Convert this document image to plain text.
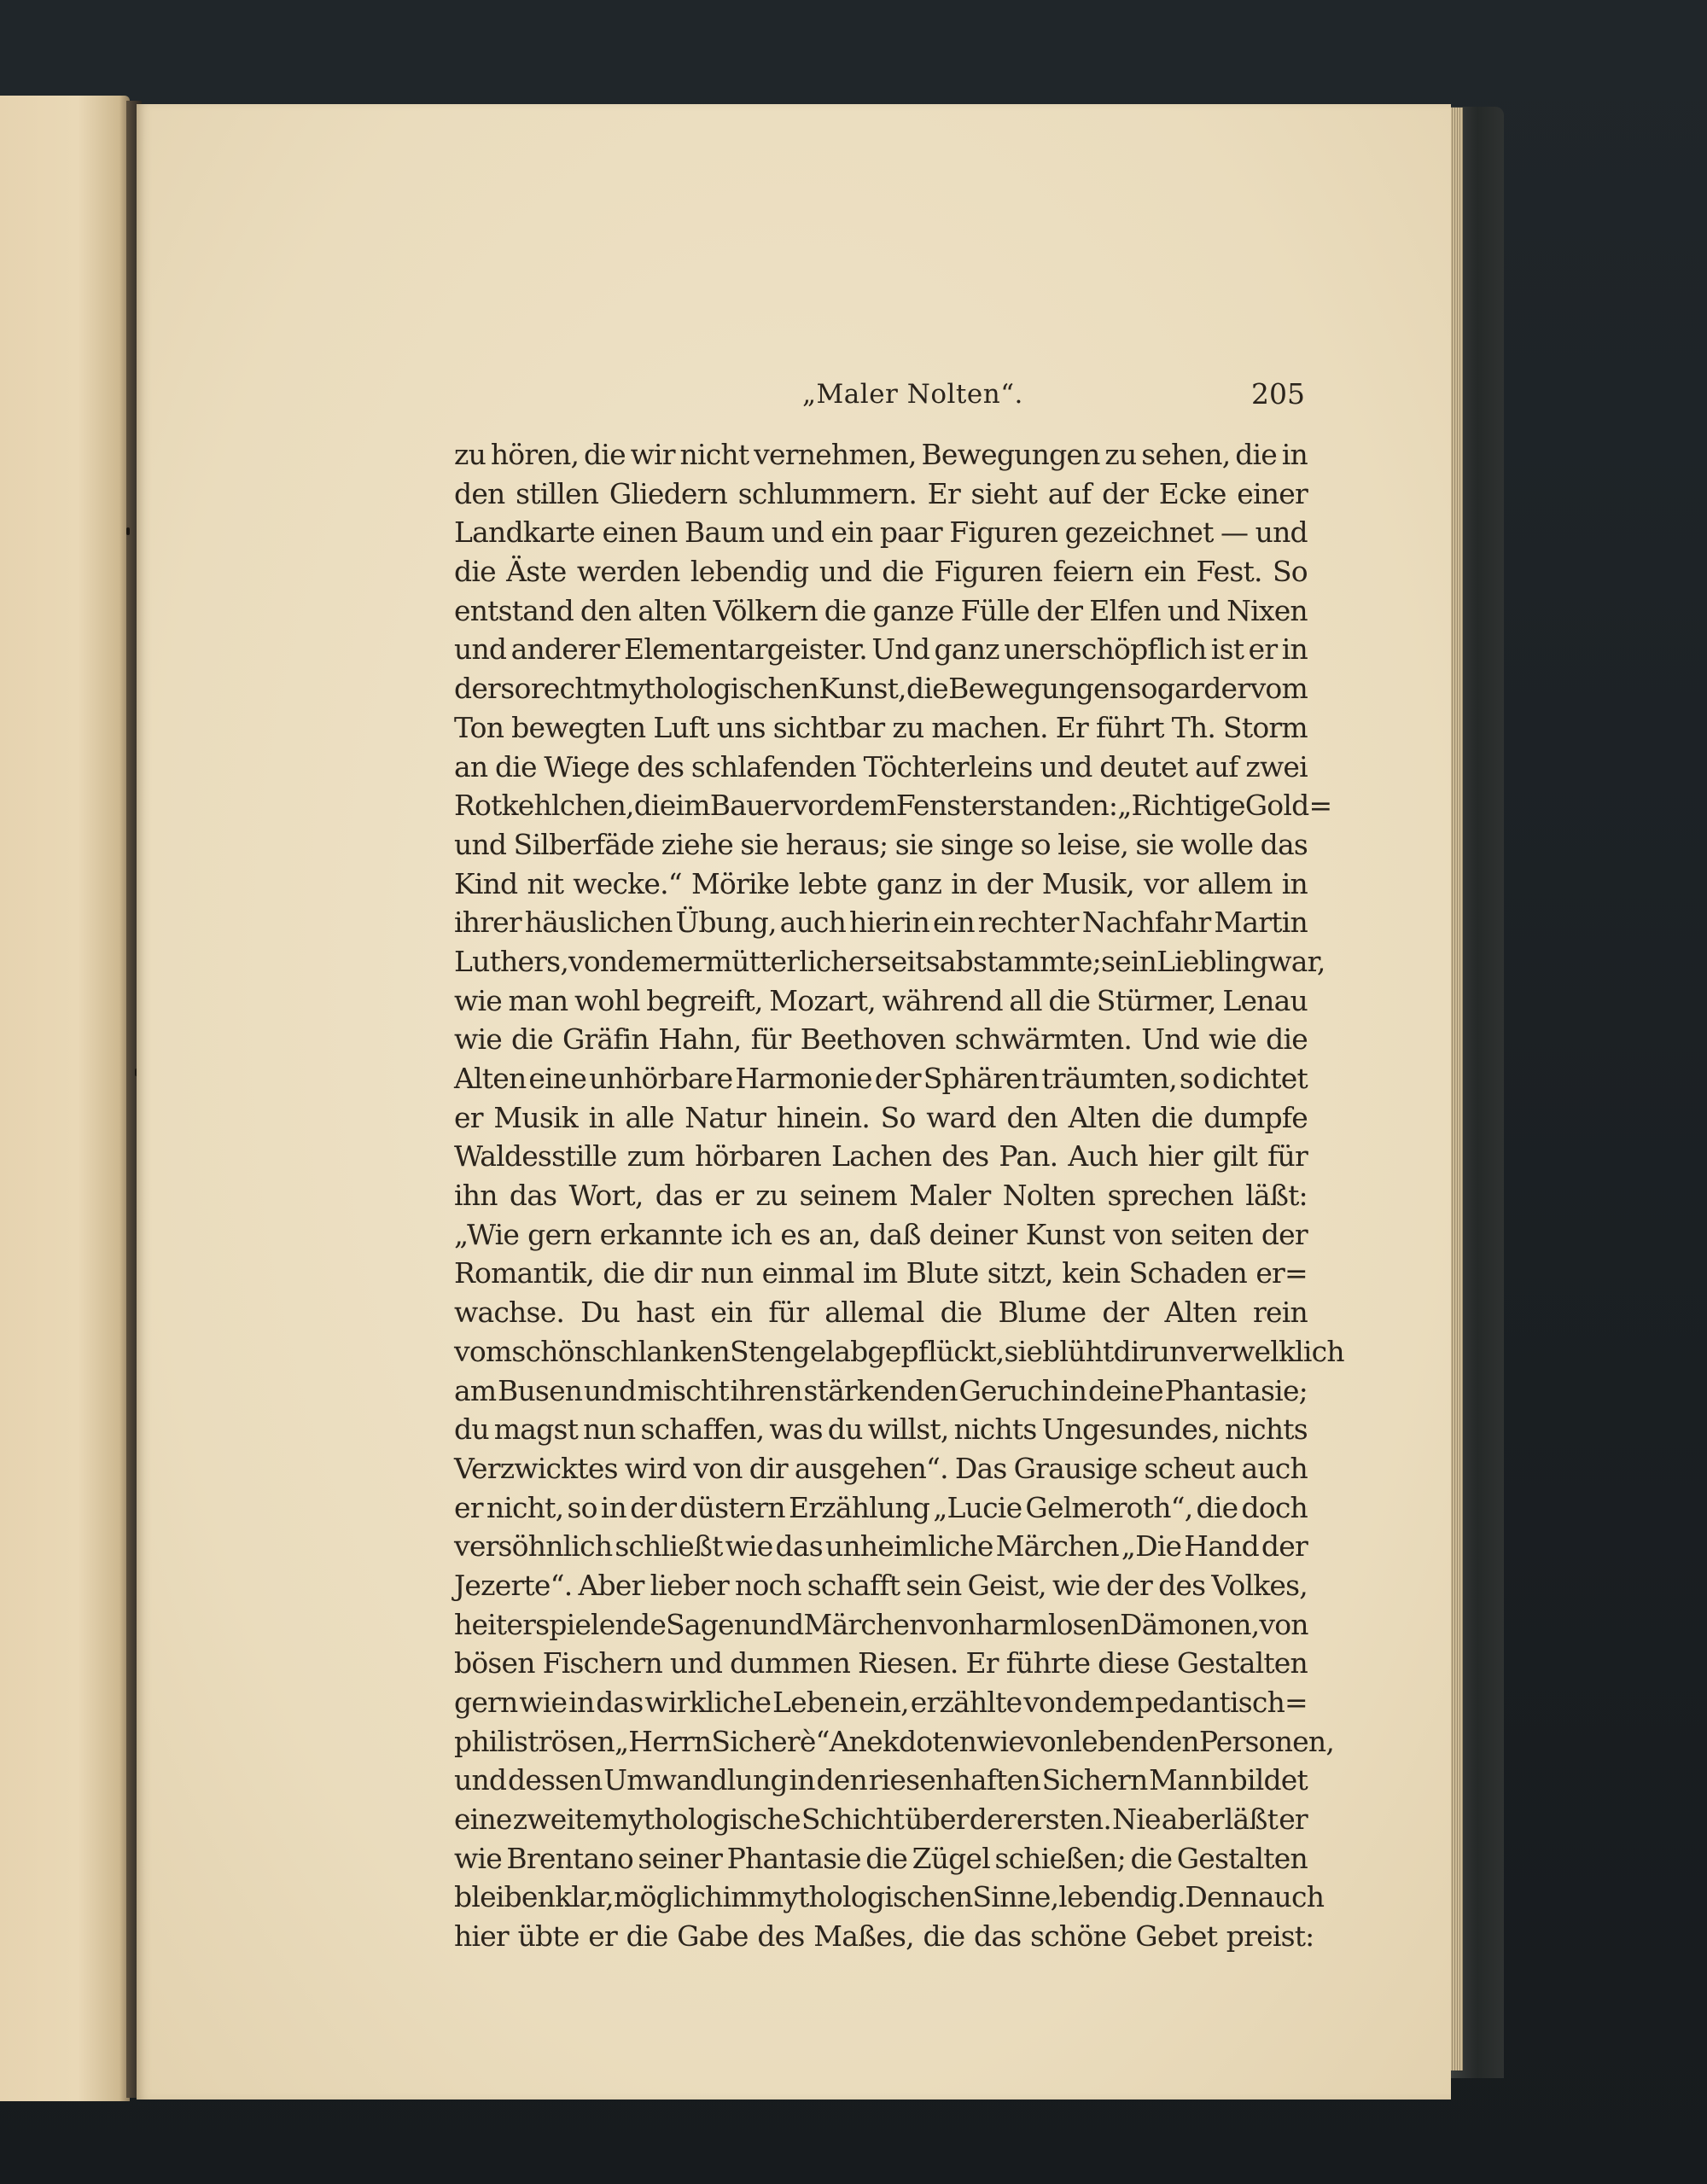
„Maler Nolten“.	205
zu hören, die wir nicht vernehmen, Bewegungen zu sehen, die in
den stillen Gliedern schlummern. Er sieht auf der Ecke einer
Landkarte einen Baum und ein paar Figuren gezeichnet — und
die Äste werden lebendig und die Figuren feiern ein Fest. So
entstand den alten Völkern die ganze Fülle der Elfen und Nixen
und anderer Elementargeister. Und ganz unerschöpflich ist er in
der so recht mythologischen Kunst, die Bewegungen sogar der vom
Ton bewegten Luft uns sichtbar zu machen. Er führt Th. Storm
an die Wiege des schlafenden Töchterleins und deutet auf zwei
Rotkehlchen, die im Bauer vor dem Fenster standen: „Richtige Gold=
und Silberfäde ziehe sie heraus; sie singe so leise, sie wolle das
Kind nit wecke.“ Mörike lebte ganz in der Musik, vor allem in
ihrer häuslichen Übung, auch hierin ein rechter Nachfahr Martin
Luthers, von dem er mütterlicherseits abstammte; sein Liebling war,
wie man wohl begreift, Mozart, während all die Stürmer, Lenau
wie die Gräfin Hahn, für Beethoven schwärmten. Und wie die
Alten eine unhörbare Harmonie der Sphären träumten, so dichtet
er Musik in alle Natur hinein. So ward den Alten die dumpfe
Waldesstille zum hörbaren Lachen des Pan. Auch hier gilt für
ihn das Wort, das er zu seinem Maler Nolten sprechen läßt:
„Wie gern erkannte ich es an, daß deiner Kunst von seiten der
Romantik, die dir nun einmal im Blute sitzt, kein Schaden er=
wachse. Du hast ein für allemal die Blume der Alten rein
vom schönschlanken Stengel abgepflückt, sie blüht dir unverwelklich
am Busen und mischt ihren stärkenden Geruch in deine Phantasie;
du magst nun schaffen, was du willst, nichts Ungesundes, nichts
Verzwicktes wird von dir ausgehen“. Das Grausige scheut auch
er nicht, so in der düstern Erzählung „Lucie Gelmeroth“, die doch
versöhnlich schließt wie das unheimliche Märchen „Die Hand der
Jezerte“. Aber lieber noch schafft sein Geist, wie der des Volkes,
heiter spielende Sagen und Märchen von harmlosen Dämonen, von
bösen Fischern und dummen Riesen. Er führte diese Gestalten
gern wie in das wirkliche Leben ein, erzählte von dem pedantisch=
philiströsen „Herrn Sicherè“ Anekdoten wie von lebenden Personen,
und dessen Umwandlung in den riesenhaften Sichern Mann bildet
eine zweite mythologische Schicht über der ersten. Nie aber läßt er
wie Brentano seiner Phantasie die Zügel schießen; die Gestalten
bleiben klar, möglich im mythologischen Sinne, lebendig. Denn auch
hier übte er die Gabe des Maßes, die das schöne Gebet preist:
